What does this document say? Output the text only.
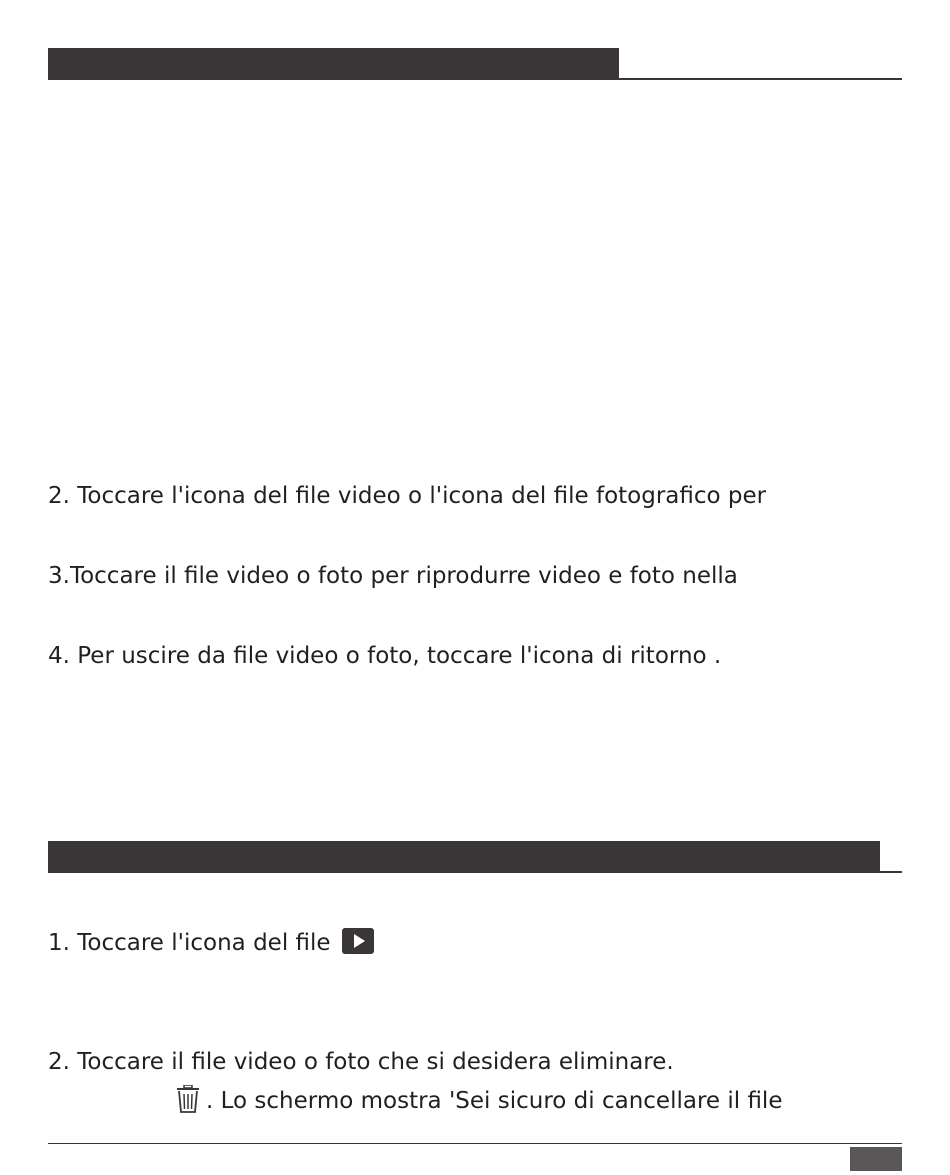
2. Toccare l'icona del file video o l'icona del file fotografico per
3.Toccare il file video o foto per riprodurre video e foto nella
4. Per uscire da file video o foto, toccare l'icona di ritorno .
1. Toccare l'icona del file
2. Toccare il file video o foto che si desidera eliminare.
. Lo schermo mostra 'Sei sicuro di cancellare il file
